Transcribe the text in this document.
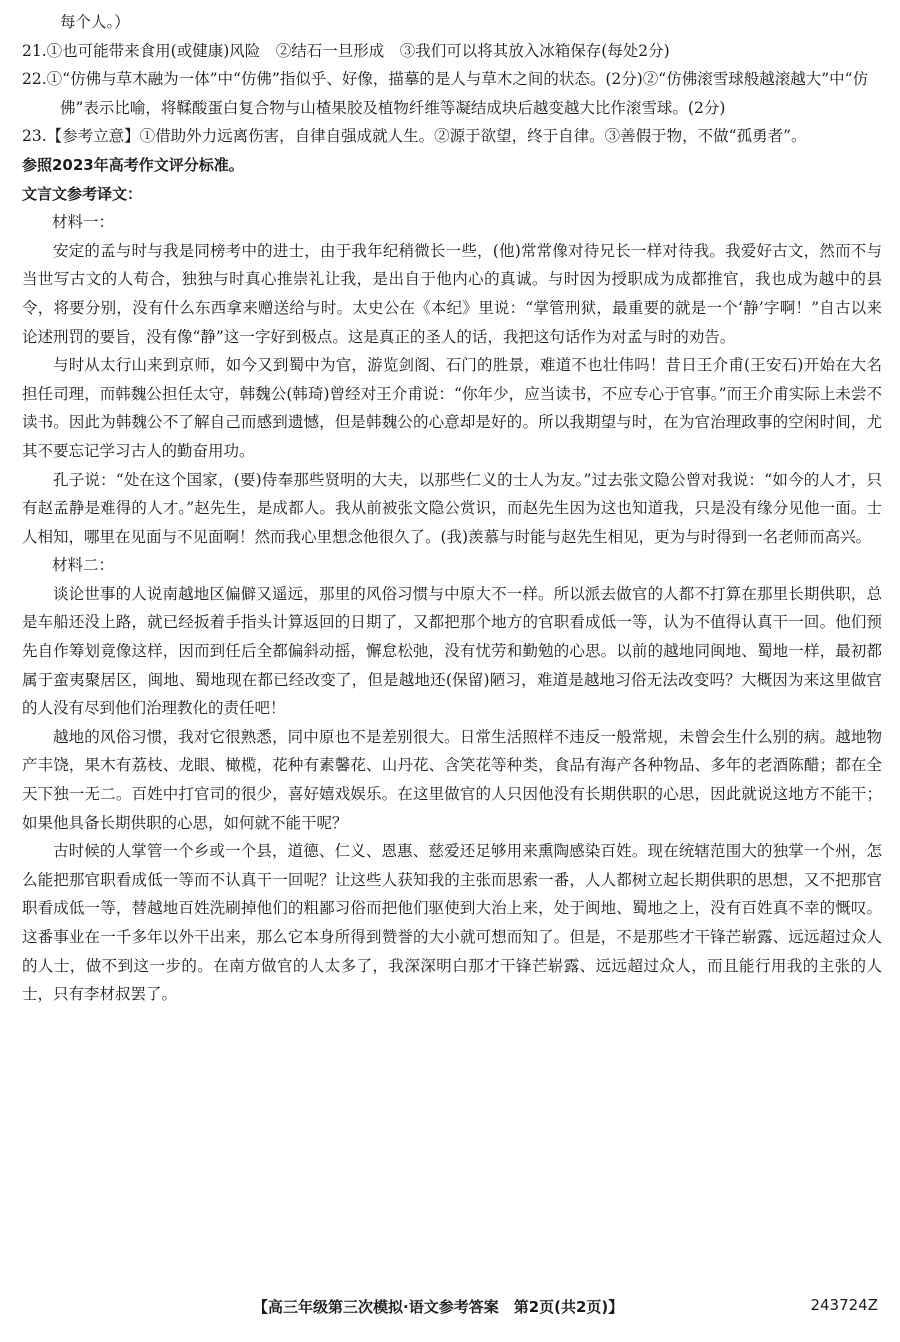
每个人。）

21.①也可能带来食用(或健康)风险　②结石一旦形成　③我们可以将其放入冰箱保存(每处2分)

22.①“仿佛与草木融为一体”中“仿佛”指似乎、好像，描摹的是人与草木之间的状态。(2分)②“仿佛滚雪球般越滚越大”中“仿佛”表示比喻，将鞣酸蛋白复合物与山楂果胶及植物纤维等凝结成块后越变越大比作滚雪球。(2分)

23.【参考立意】①借助外力远离伤害，自律自强成就人生。②源于欲望，终于自律。③善假于物，不做“孤勇者”。

参照2023年高考作文评分标准。

文言文参考译文：

材料一：

安定的孟与时与我是同榜考中的进士，由于我年纪稍微长一些，(他)常常像对待兄长一样对待我。我爱好古文，然而不与当世写古文的人苟合，独独与时真心推崇礼让我，是出自于他内心的真诚。与时因为授职成为成都推官，我也成为越中的县令，将要分别，没有什么东西拿来赠送给与时。太史公在《本纪》里说：“掌管刑狱，最重要的就是一个‘静’字啊！”自古以来论述刑罚的要旨，没有像“静”这一字好到极点。这是真正的圣人的话，我把这句话作为对孟与时的劝告。

与时从太行山来到京师，如今又到蜀中为官，游览剑阁、石门的胜景，难道不也壮伟吗！昔日王介甫(王安石)开始在大名担任司理，而韩魏公担任太守，韩魏公(韩琦)曾经对王介甫说：“你年少，应当读书，不应专心于官事。”而王介甫实际上未尝不读书。因此为韩魏公不了解自己而感到遗憾，但是韩魏公的心意却是好的。所以我期望与时，在为官治理政事的空闲时间，尤其不要忘记学习古人的勤奋用功。

孔子说：“处在这个国家，(要)侍奉那些贤明的大夫，以那些仁义的士人为友。”过去张文隐公曾对我说：“如今的人才，只有赵孟静是难得的人才。”赵先生，是成都人。我从前被张文隐公赏识，而赵先生因为这也知道我，只是没有缘分见他一面。士人相知，哪里在见面与不见面啊！然而我心里想念他很久了。(我)羡慕与时能与赵先生相见，更为与时得到一名老师而高兴。

材料二：

谈论世事的人说南越地区偏僻又遥远，那里的风俗习惯与中原大不一样。所以派去做官的人都不打算在那里长期供职，总是车船还没上路，就已经扳着手指头计算返回的日期了，又都把那个地方的官职看成低一等，认为不值得认真干一回。他们预先自作筹划竟像这样，因而到任后全都偏斜动摇，懈怠松弛，没有忧劳和勤勉的心思。以前的越地同闽地、蜀地一样，最初都属于蛮夷聚居区，闽地、蜀地现在都已经改变了，但是越地还(保留)陋习，难道是越地习俗无法改变吗？大概因为来这里做官的人没有尽到他们治理教化的责任吧！

越地的风俗习惯，我对它很熟悉，同中原也不是差别很大。日常生活照样不违反一般常规，未曾会生什么别的病。越地物产丰饶，果木有荔枝、龙眼、橄榄，花种有素馨花、山丹花、含笑花等种类，食品有海产各种物品、多年的老酒陈醋；都在全天下独一无二。百姓中打官司的很少，喜好嬉戏娱乐。在这里做官的人只因他没有长期供职的心思，因此就说这地方不能干；如果他具备长期供职的心思，如何就不能干呢？

古时候的人掌管一个乡或一个县，道德、仁义、恩惠、慈爱还足够用来熏陶感染百姓。现在统辖范围大的独掌一个州，怎么能把那官职看成低一等而不认真干一回呢？让这些人获知我的主张而思索一番，人人都树立起长期供职的思想，又不把那官职看成低一等，替越地百姓洗刷掉他们的粗鄙习俗而把他们驱使到大治上来，处于闽地、蜀地之上，没有百姓真不幸的慨叹。这番事业在一千多年以外干出来，那么它本身所得到赞誉的大小就可想而知了。但是，不是那些才干锋芒崭露、远远超过众人的人士，做不到这一步的。在南方做官的人太多了，我深深明白那才干锋芒崭露、远远超过众人，而且能行用我的主张的人士，只有李材叔罢了。

【高三年级第三次模拟·语文参考答案　第2页(共2页)】	243724Z
